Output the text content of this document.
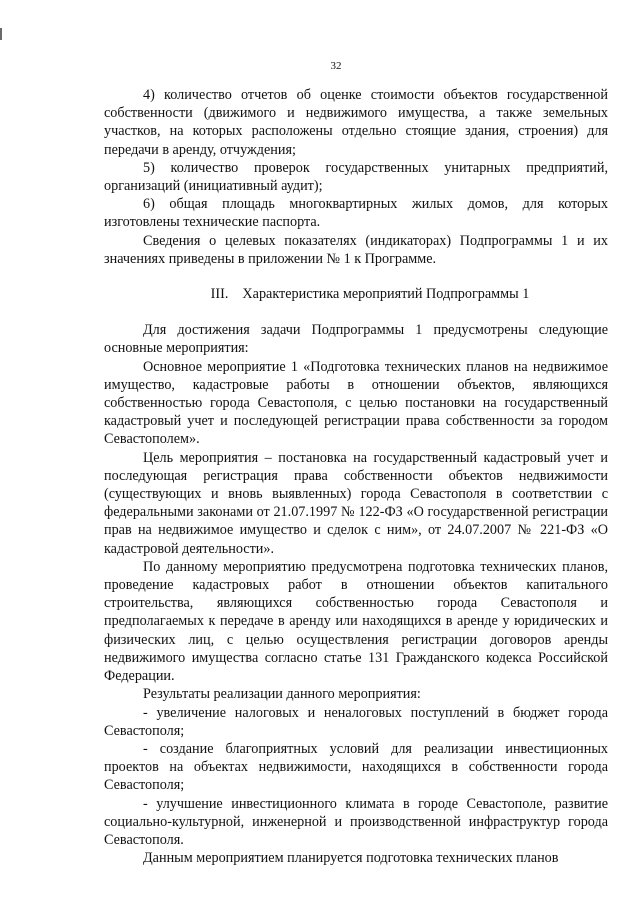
32

4) количество отчетов об оценке стоимости объектов государственной собственности (движимого и недвижимого имущества, а также земельных участков, на которых расположены отдельно стоящие здания, строения) для передачи в аренду, отчуждения;

5) количество проверок государственных унитарных предприятий, организаций (инициативный аудит);

6) общая площадь многоквартирных жилых домов, для которых изготовлены технические паспорта.

Сведения о целевых показателях (индикаторах) Подпрограммы 1 и их значениях приведены в приложении № 1 к Программе.

III. Характеристика мероприятий Подпрограммы 1

Для достижения задачи Подпрограммы 1 предусмотрены следующие основные мероприятия:

Основное мероприятие 1 «Подготовка технических планов на недвижимое имущество, кадастровые работы в отношении объектов, являющихся собственностью города Севастополя, с целью постановки на государственный кадастровый учет и последующей регистрации права собственности за городом Севастополем».

Цель мероприятия – постановка на государственный кадастровый учет и последующая регистрация права собственности объектов недвижимости (существующих и вновь выявленных) города Севастополя в соответствии с федеральными законами от 21.07.1997 № 122-ФЗ «О государственной регистрации прав на недвижимое имущество и сделок с ним», от 24.07.2007 № 221-ФЗ «О кадастровой деятельности».

По данному мероприятию предусмотрена подготовка технических планов, проведение кадастровых работ в отношении объектов капитального строительства, являющихся собственностью города Севастополя и предполагаемых к передаче в аренду или находящихся в аренде у юридических и физических лиц, с целью осуществления регистрации договоров аренды недвижимого имущества согласно статье 131 Гражданского кодекса Российской Федерации.

Результаты реализации данного мероприятия:

- увеличение налоговых и неналоговых поступлений в бюджет города Севастополя;

- создание благоприятных условий для реализации инвестиционных проектов на объектах недвижимости, находящихся в собственности города Севастополя;

- улучшение инвестиционного климата в городе Севастополе, развитие социально-культурной, инженерной и производственной инфраструктур города Севастополя.

Данным мероприятием планируется подготовка технических планов
